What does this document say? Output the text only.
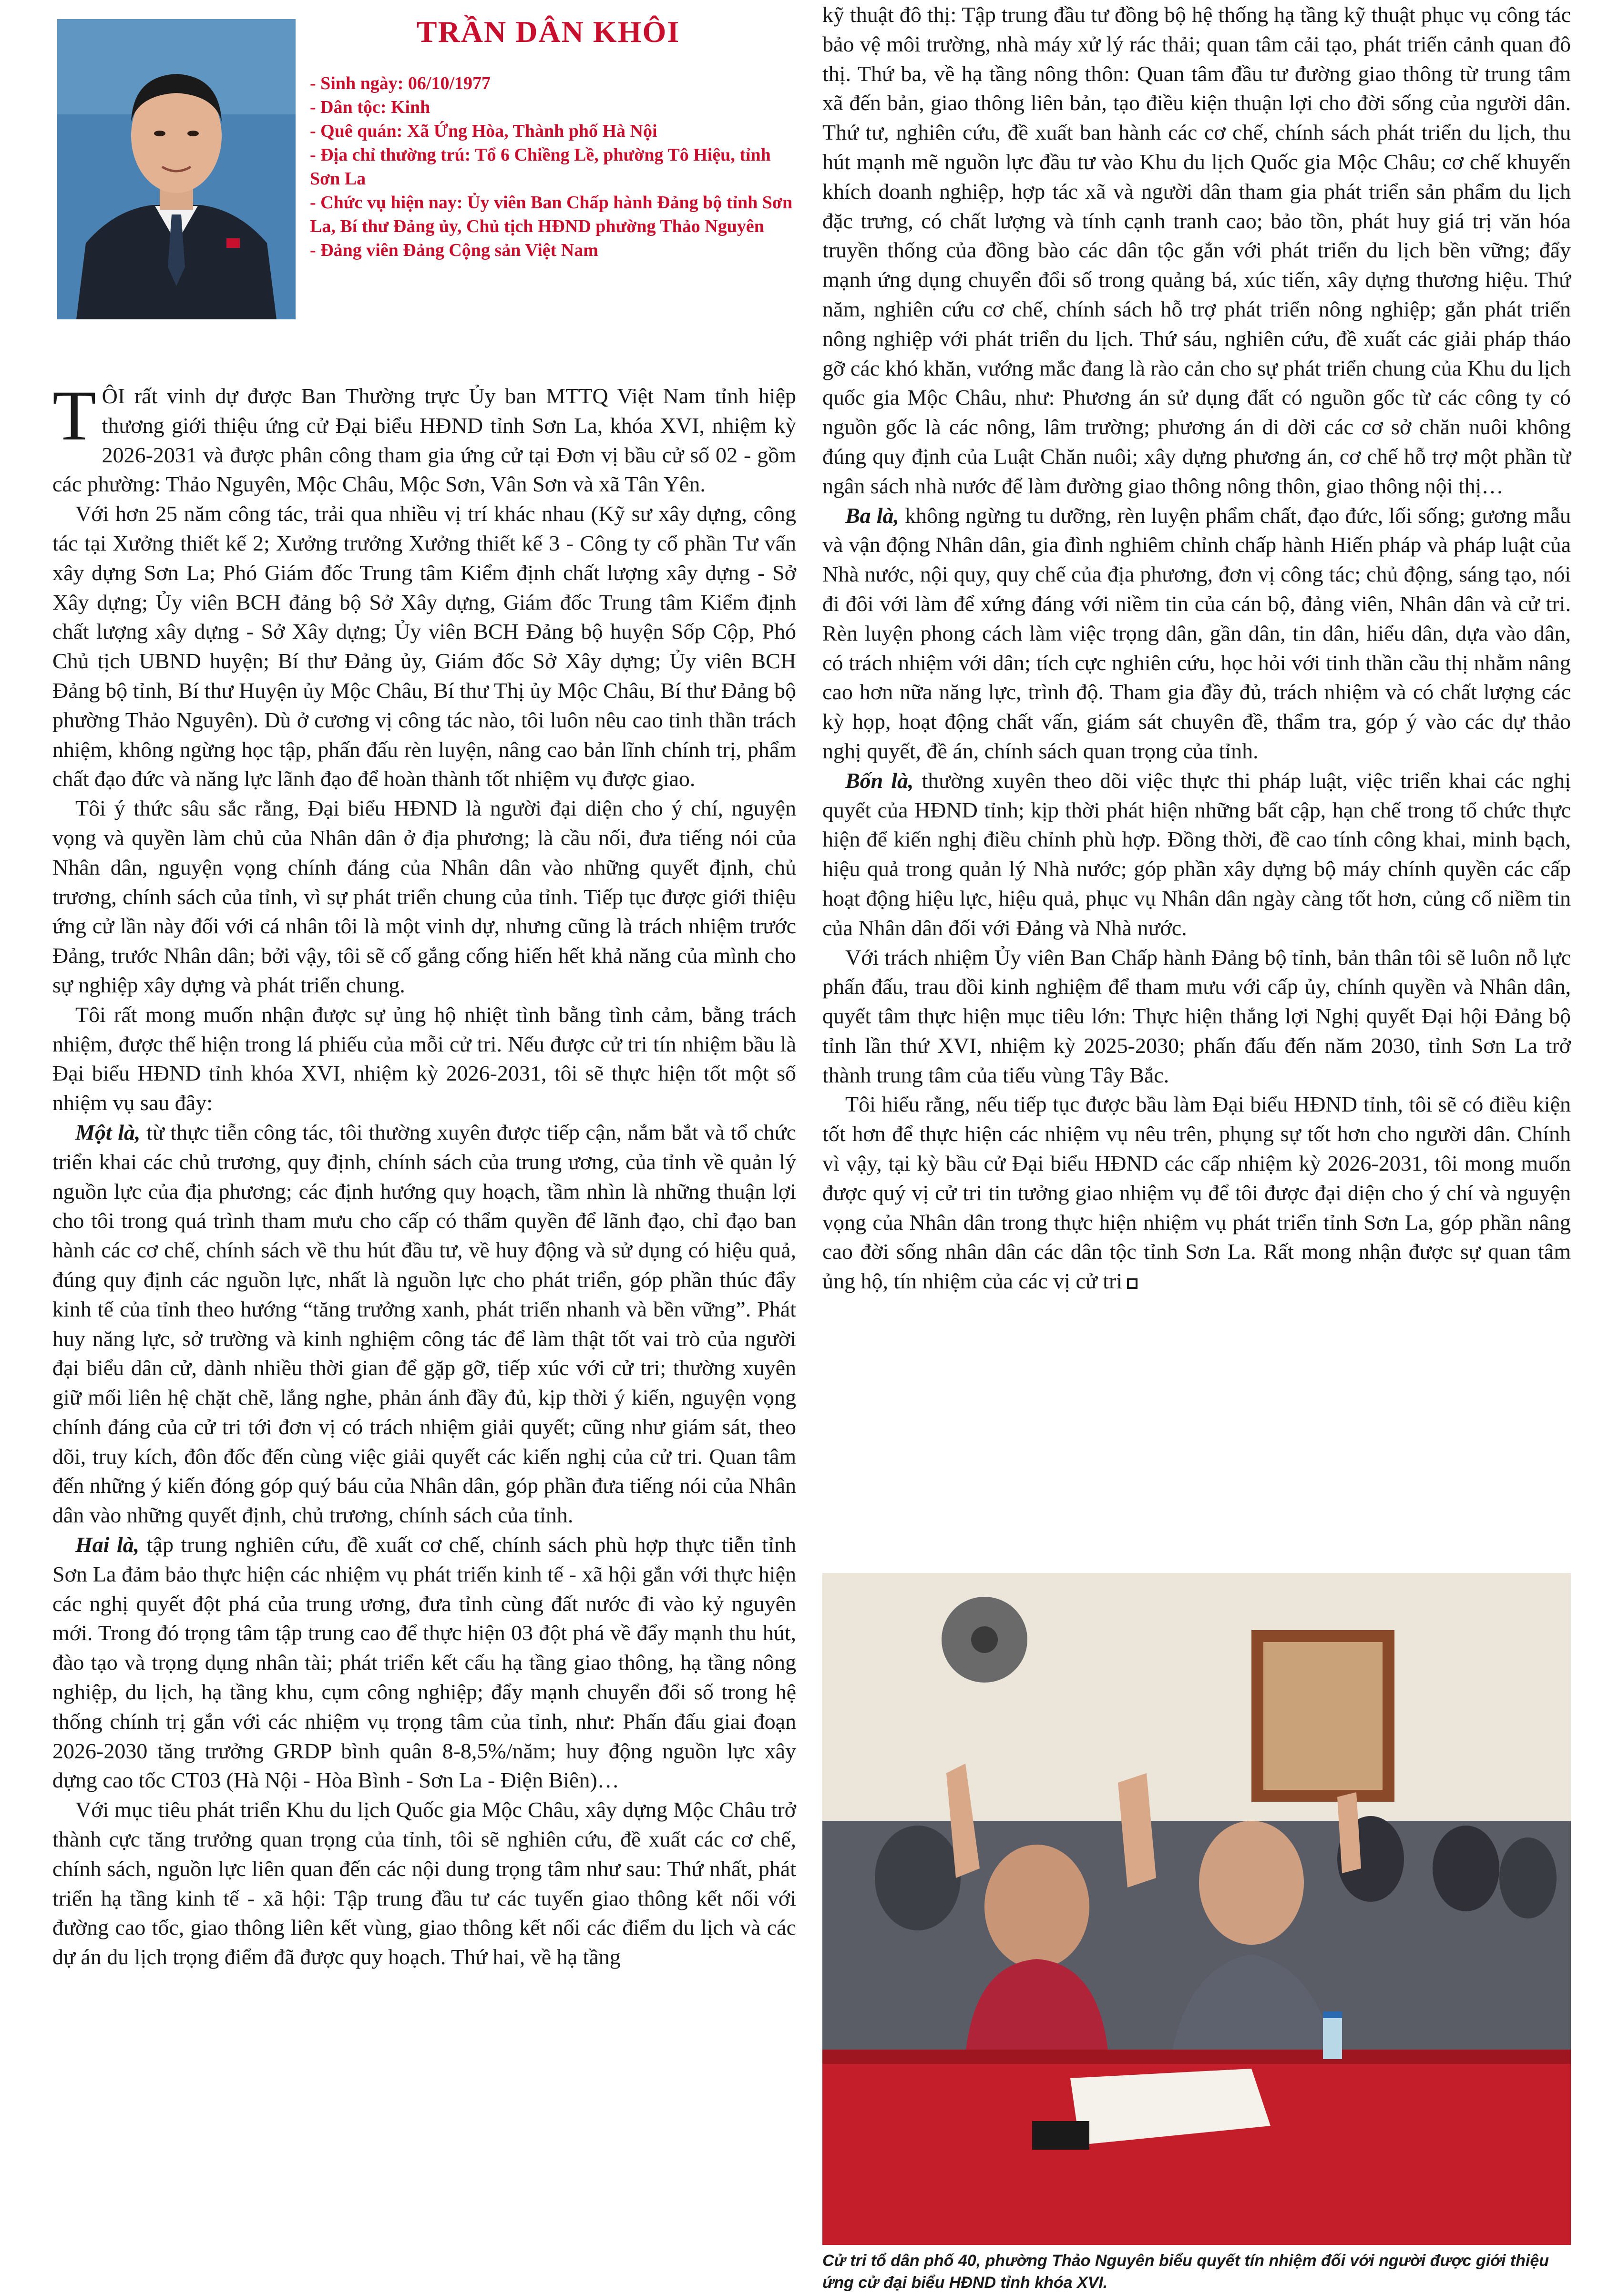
TRẦN DÂN KHÔI
- Sinh ngày: 06/10/1977
- Dân tộc: Kinh
- Quê quán: Xã Ứng Hòa, Thành phố Hà Nội
- Địa chỉ thường trú: Tổ 6 Chiềng Lề, phường Tô Hiệu, tỉnh Sơn La
- Chức vụ hiện nay: Ủy viên Ban Chấp hành Đảng bộ tỉnh Sơn La, Bí thư Đảng ủy, Chủ tịch HĐND phường Thảo Nguyên
- Đảng viên Đảng Cộng sản Việt Nam

TÔI rất vinh dự được Ban Thường trực Ủy ban MTTQ Việt Nam tỉnh hiệp thương giới thiệu ứng cử Đại biểu HĐND tỉnh Sơn La, khóa XVI, nhiệm kỳ 2026-2031 và được phân công tham gia ứng cử tại Đơn vị bầu cử số 02 - gồm các phường: Thảo Nguyên, Mộc Châu, Mộc Sơn, Vân Sơn và xã Tân Yên.

Với hơn 25 năm công tác, trải qua nhiều vị trí khác nhau (Kỹ sư xây dựng, công tác tại Xưởng thiết kế 2; Xưởng trưởng Xưởng thiết kế 3 - Công ty cổ phần Tư vấn xây dựng Sơn La; Phó Giám đốc Trung tâm Kiểm định chất lượng xây dựng - Sở Xây dựng; Ủy viên BCH đảng bộ Sở Xây dựng, Giám đốc Trung tâm Kiểm định chất lượng xây dựng - Sở Xây dựng; Ủy viên BCH Đảng bộ huyện Sốp Cộp, Phó Chủ tịch UBND huyện; Bí thư Đảng ủy, Giám đốc Sở Xây dựng; Ủy viên BCH Đảng bộ tỉnh, Bí thư Huyện ủy Mộc Châu, Bí thư Thị ủy Mộc Châu, Bí thư Đảng bộ phường Thảo Nguyên). Dù ở cương vị công tác nào, tôi luôn nêu cao tinh thần trách nhiệm, không ngừng học tập, phấn đấu rèn luyện, nâng cao bản lĩnh chính trị, phẩm chất đạo đức và năng lực lãnh đạo để hoàn thành tốt nhiệm vụ được giao.

Tôi ý thức sâu sắc rằng, Đại biểu HĐND là người đại diện cho ý chí, nguyện vọng và quyền làm chủ của Nhân dân ở địa phương; là cầu nối, đưa tiếng nói của Nhân dân, nguyện vọng chính đáng của Nhân dân vào những quyết định, chủ trương, chính sách của tỉnh, vì sự phát triển chung của tỉnh. Tiếp tục được giới thiệu ứng cử lần này đối với cá nhân tôi là một vinh dự, nhưng cũng là trách nhiệm trước Đảng, trước Nhân dân; bởi vậy, tôi sẽ cố gắng cống hiến hết khả năng của mình cho sự nghiệp xây dựng và phát triển chung.

Tôi rất mong muốn nhận được sự ủng hộ nhiệt tình bằng tình cảm, bằng trách nhiệm, được thể hiện trong lá phiếu của mỗi cử tri. Nếu được cử tri tín nhiệm bầu là Đại biểu HĐND tỉnh khóa XVI, nhiệm kỳ 2026-2031, tôi sẽ thực hiện tốt một số nhiệm vụ sau đây:

Một là, từ thực tiễn công tác, tôi thường xuyên được tiếp cận, nắm bắt và tổ chức triển khai các chủ trương, quy định, chính sách của trung ương, của tỉnh về quản lý nguồn lực của địa phương; các định hướng quy hoạch, tầm nhìn là những thuận lợi cho tôi trong quá trình tham mưu cho cấp có thẩm quyền để lãnh đạo, chỉ đạo ban hành các cơ chế, chính sách về thu hút đầu tư, về huy động và sử dụng có hiệu quả, đúng quy định các nguồn lực, nhất là nguồn lực cho phát triển, góp phần thúc đẩy kinh tế của tỉnh theo hướng “tăng trưởng xanh, phát triển nhanh và bền vững”. Phát huy năng lực, sở trường và kinh nghiệm công tác để làm thật tốt vai trò của người đại biểu dân cử, dành nhiều thời gian để gặp gỡ, tiếp xúc với cử tri; thường xuyên giữ mối liên hệ chặt chẽ, lắng nghe, phản ánh đầy đủ, kịp thời ý kiến, nguyện vọng chính đáng của cử tri tới đơn vị có trách nhiệm giải quyết; cũng như giám sát, theo dõi, truy kích, đôn đốc đến cùng việc giải quyết các kiến nghị của cử tri. Quan tâm đến những ý kiến đóng góp quý báu của Nhân dân, góp phần đưa tiếng nói của Nhân dân vào những quyết định, chủ trương, chính sách của tỉnh.

Hai là, tập trung nghiên cứu, đề xuất cơ chế, chính sách phù hợp thực tiễn tỉnh Sơn La đảm bảo thực hiện các nhiệm vụ phát triển kinh tế - xã hội gắn với thực hiện các nghị quyết đột phá của trung ương, đưa tỉnh cùng đất nước đi vào kỷ nguyên mới. Trong đó trọng tâm tập trung cao để thực hiện 03 đột phá về đẩy mạnh thu hút, đào tạo và trọng dụng nhân tài; phát triển kết cấu hạ tầng giao thông, hạ tầng nông nghiệp, du lịch, hạ tầng khu, cụm công nghiệp; đẩy mạnh chuyển đổi số trong hệ thống chính trị gắn với các nhiệm vụ trọng tâm của tỉnh, như: Phấn đấu giai đoạn 2026-2030 tăng trưởng GRDP bình quân 8-8,5%/năm; huy động nguồn lực xây dựng cao tốc CT03 (Hà Nội - Hòa Bình - Sơn La - Điện Biên)…

Với mục tiêu phát triển Khu du lịch Quốc gia Mộc Châu, xây dựng Mộc Châu trở thành cực tăng trưởng quan trọng của tỉnh, tôi sẽ nghiên cứu, đề xuất các cơ chế, chính sách, nguồn lực liên quan đến các nội dung trọng tâm như sau: Thứ nhất, phát triển hạ tầng kinh tế - xã hội: Tập trung đầu tư các tuyến giao thông kết nối với đường cao tốc, giao thông liên kết vùng, giao thông kết nối các điểm du lịch và các dự án du lịch trọng điểm đã được quy hoạch. Thứ hai, về hạ tầng

kỹ thuật đô thị: Tập trung đầu tư đồng bộ hệ thống hạ tầng kỹ thuật phục vụ công tác bảo vệ môi trường, nhà máy xử lý rác thải; quan tâm cải tạo, phát triển cảnh quan đô thị. Thứ ba, về hạ tầng nông thôn: Quan tâm đầu tư đường giao thông từ trung tâm xã đến bản, giao thông liên bản, tạo điều kiện thuận lợi cho đời sống của người dân. Thứ tư, nghiên cứu, đề xuất ban hành các cơ chế, chính sách phát triển du lịch, thu hút mạnh mẽ nguồn lực đầu tư vào Khu du lịch Quốc gia Mộc Châu; cơ chế khuyến khích doanh nghiệp, hợp tác xã và người dân tham gia phát triển sản phẩm du lịch đặc trưng, có chất lượng và tính cạnh tranh cao; bảo tồn, phát huy giá trị văn hóa truyền thống của đồng bào các dân tộc gắn với phát triển du lịch bền vững; đẩy mạnh ứng dụng chuyển đổi số trong quảng bá, xúc tiến, xây dựng thương hiệu. Thứ năm, nghiên cứu cơ chế, chính sách hỗ trợ phát triển nông nghiệp; gắn phát triển nông nghiệp với phát triển du lịch. Thứ sáu, nghiên cứu, đề xuất các giải pháp tháo gỡ các khó khăn, vướng mắc đang là rào cản cho sự phát triển chung của Khu du lịch quốc gia Mộc Châu, như: Phương án sử dụng đất có nguồn gốc từ các công ty có nguồn gốc là các nông, lâm trường; phương án di dời các cơ sở chăn nuôi không đúng quy định của Luật Chăn nuôi; xây dựng phương án, cơ chế hỗ trợ một phần từ ngân sách nhà nước để làm đường giao thông nông thôn, giao thông nội thị…

Ba là, không ngừng tu dưỡng, rèn luyện phẩm chất, đạo đức, lối sống; gương mẫu và vận động Nhân dân, gia đình nghiêm chỉnh chấp hành Hiến pháp và pháp luật của Nhà nước, nội quy, quy chế của địa phương, đơn vị công tác; chủ động, sáng tạo, nói đi đôi với làm để xứng đáng với niềm tin của cán bộ, đảng viên, Nhân dân và cử tri. Rèn luyện phong cách làm việc trọng dân, gần dân, tin dân, hiểu dân, dựa vào dân, có trách nhiệm với dân; tích cực nghiên cứu, học hỏi với tinh thần cầu thị nhằm nâng cao hơn nữa năng lực, trình độ. Tham gia đầy đủ, trách nhiệm và có chất lượng các kỳ họp, hoạt động chất vấn, giám sát chuyên đề, thẩm tra, góp ý vào các dự thảo nghị quyết, đề án, chính sách quan trọng của tỉnh.

Bốn là, thường xuyên theo dõi việc thực thi pháp luật, việc triển khai các nghị quyết của HĐND tỉnh; kịp thời phát hiện những bất cập, hạn chế trong tổ chức thực hiện để kiến nghị điều chỉnh phù hợp. Đồng thời, đề cao tính công khai, minh bạch, hiệu quả trong quản lý Nhà nước; góp phần xây dựng bộ máy chính quyền các cấp hoạt động hiệu lực, hiệu quả, phục vụ Nhân dân ngày càng tốt hơn, củng cố niềm tin của Nhân dân đối với Đảng và Nhà nước.

Với trách nhiệm Ủy viên Ban Chấp hành Đảng bộ tỉnh, bản thân tôi sẽ luôn nỗ lực phấn đấu, trau dồi kinh nghiệm để tham mưu với cấp ủy, chính quyền và Nhân dân, quyết tâm thực hiện mục tiêu lớn: Thực hiện thắng lợi Nghị quyết Đại hội Đảng bộ tỉnh lần thứ XVI, nhiệm kỳ 2025-2030; phấn đấu đến năm 2030, tỉnh Sơn La trở thành trung tâm của tiểu vùng Tây Bắc.

Tôi hiểu rằng, nếu tiếp tục được bầu làm Đại biểu HĐND tỉnh, tôi sẽ có điều kiện tốt hơn để thực hiện các nhiệm vụ nêu trên, phụng sự tốt hơn cho người dân. Chính vì vậy, tại kỳ bầu cử Đại biểu HĐND các cấp nhiệm kỳ 2026-2031, tôi mong muốn được quý vị cử tri tin tưởng giao nhiệm vụ để tôi được đại diện cho ý chí và nguyện vọng của Nhân dân trong thực hiện nhiệm vụ phát triển tỉnh Sơn La, góp phần nâng cao đời sống nhân dân các dân tộc tỉnh Sơn La. Rất mong nhận được sự quan tâm ủng hộ, tín nhiệm của các vị cử tri

Cử tri tổ dân phố 40, phường Thảo Nguyên biểu quyết tín nhiệm đối với người được giới thiệu ứng cử đại biểu HĐND tỉnh khóa XVI.
